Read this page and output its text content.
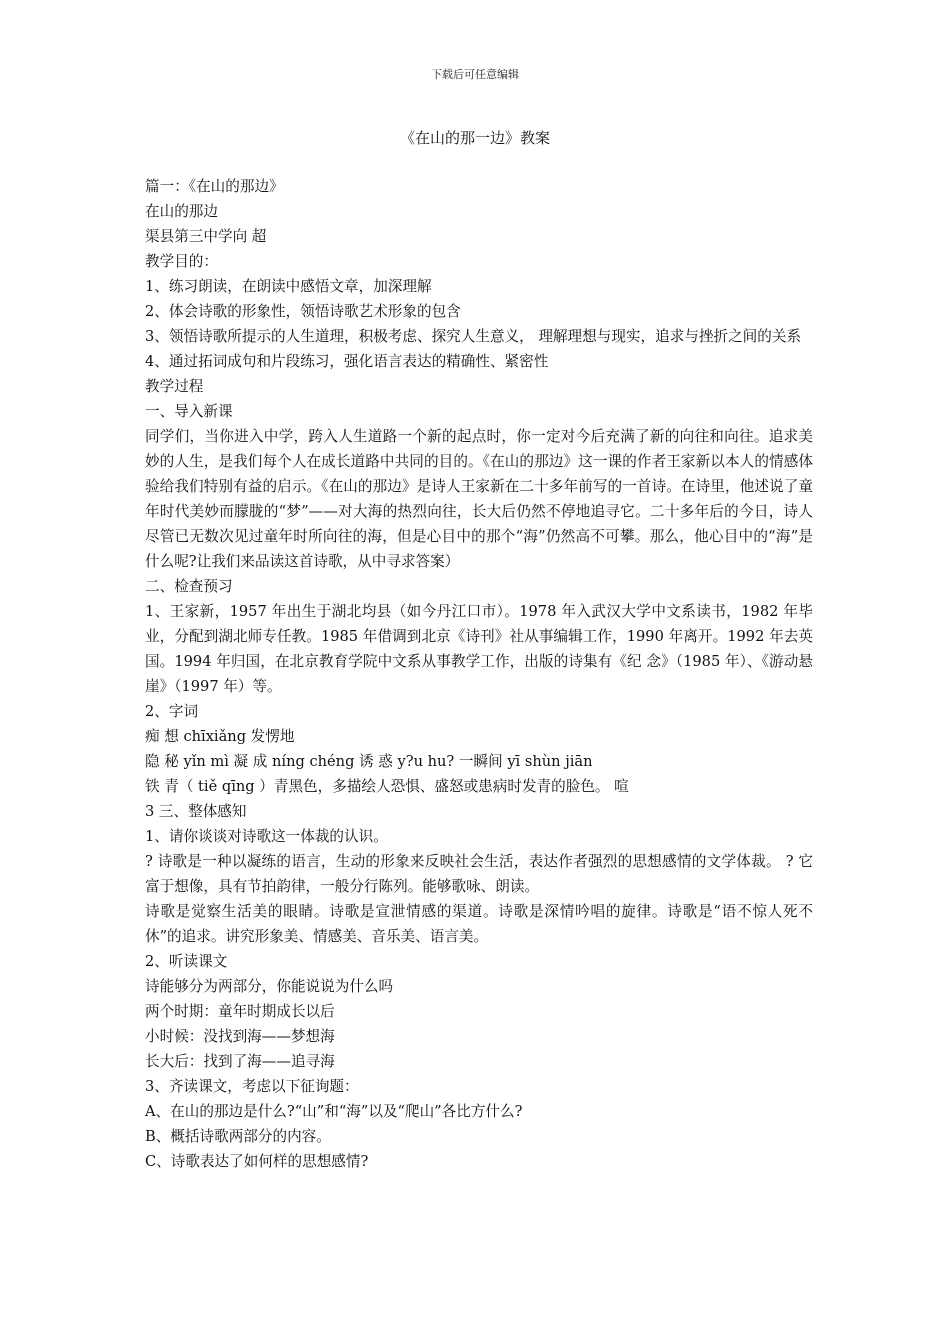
下载后可任意编辑
《在山的那一边》教案

篇一：《在山的那边》

在山的那边

渠县第三中学向 超

教学目的：

1、练习朗读，在朗读中感悟文章，加深理解

2、体会诗歌的形象性，领悟诗歌艺术形象的包含

3、领悟诗歌所提示的人生道理，积极考虑、探究人生意义， 理解理想与现实，追求与挫折之间的关系

4、通过拓词成句和片段练习，强化语言表达的精确性、紧密性

教学过程

一、导入新课

同学们，当你进入中学，跨入人生道路一个新的起点时，你一定对今后充满了新的向往和向往。追求美妙的人生，是我们每个人在成长道路中共同的目的。《在山的那边》这一课的作者王家新以本人的情感体验给我们特别有益的启示。《在山的那边》是诗人王家新在二十多年前写的一首诗。在诗里，他述说了童年时代美妙而朦胧的“梦”——对大海的热烈向往，长大后仍然不停地追寻它。二十多年后的今日，诗人尽管已无数次见过童年时所向往的海，但是心目中的那个“海”仍然高不可攀。那么，他心目中的“海”是什么呢?让我们来品读这首诗歌，从中寻求答案）

二、检查预习

1、王家新，1957 年出生于湖北均县（如今丹江口市）。1978 年入武汉大学中文系读书，1982 年毕业，分配到湖北师专任教。1985 年借调到北京《诗刊》社从事编辑工作，1990 年离开。1992 年去英国。1994 年归国，在北京教育学院中文系从事教学工作，出版的诗集有《纪 念》（1985 年）、《游动悬崖》（1997 年）等。

2、字词

痴 想 chīxiǎng 发愣地

隐 秘 yǐn mì 凝 成 níng chéng 诱 惑 y?u hu? 一瞬间 yī shùn jiān

铁 青（ tiě qīng ）青黑色，多描绘人恐惧、盛怒或患病时发青的脸色。 喧

3 三、整体感知

1、请你谈谈对诗歌这一体裁的认识。

? 诗歌是一种以凝练的语言，生动的形象来反映社会生活，表达作者强烈的思想感情的文学体裁。 ? 它富于想像，具有节拍韵律，一般分行陈列。能够歌咏、朗读。

诗歌是觉察生活美的眼睛。诗歌是宣泄情感的渠道。诗歌是深情吟唱的旋律。诗歌是“语不惊人死不休”的追求。讲究形象美、情感美、音乐美、语言美。

2、听读课文

诗能够分为两部分，你能说说为什么吗

两个时期：童年时期成长以后

小时候：没找到海——梦想海

长大后：找到了海——追寻海

3、齐读课文，考虑以下征询题：

A、在山的那边是什么?“山”和“海”以及“爬山”各比方什么?

B、概括诗歌两部分的内容。

C、诗歌表达了如何样的思想感情?
